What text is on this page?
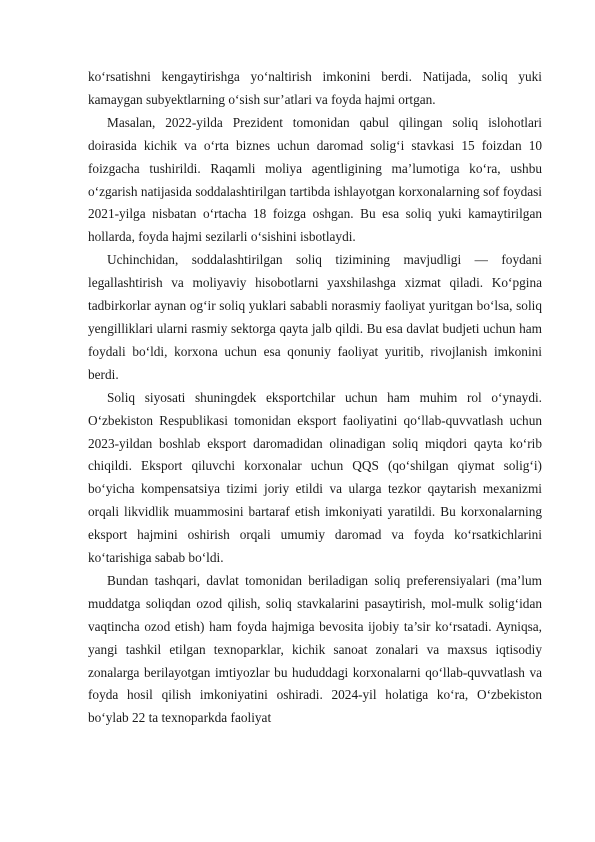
ko‘rsatishni kengaytirishga yo‘naltirish imkonini berdi. Natijada, soliq yuki kamaygan subyektlarning o‘sish sur’atlari va foyda hajmi ortgan.

Masalan, 2022-yilda Prezident tomonidan qabul qilingan soliq islohotlari doirasida kichik va o‘rta biznes uchun daromad solig‘i stavkasi 15 foizdan 10 foizgacha tushirildi. Raqamli moliya agentligining ma’lumotiga ko‘ra, ushbu o‘zgarish natijasida soddalashtirilgan tartibda ishlayotgan korxonalarning sof foydasi 2021-yilga nisbatan o‘rtacha 18 foizga oshgan. Bu esa soliq yuki kamaytirilgan hollarda, foyda hajmi sezilarli o‘sishini isbotlaydi.

Uchinchidan, soddalashtirilgan soliq tizimining mavjudligi — foydani legallashtirish va moliyaviy hisobotlarni yaxshilashga xizmat qiladi. Ko‘pgina tadbirkorlar aynan og‘ir soliq yuklari sababli norasmiy faoliyat yuritgan bo‘lsa, soliq yengilliklari ularni rasmiy sektorga qayta jalb qildi. Bu esa davlat budjeti uchun ham foydali bo‘ldi, korxona uchun esa qonuniy faoliyat yuritib, rivojlanish imkonini berdi.

Soliq siyosati shuningdek eksportchilar uchun ham muhim rol o‘ynaydi. O‘zbekiston Respublikasi tomonidan eksport faoliyatini qo‘llab-quvvatlash uchun 2023-yildan boshlab eksport daromadidan olinadigan soliq miqdori qayta ko‘rib chiqildi. Eksport qiluvchi korxonalar uchun QQS (qo‘shilgan qiymat solig‘i) bo‘yicha kompensatsiya tizimi joriy etildi va ularga tezkor qaytarish mexanizmi orqali likvidlik muammosini bartaraf etish imkoniyati yaratildi. Bu korxonalarning eksport hajmini oshirish orqali umumiy daromad va foyda ko‘rsatkichlarini ko‘tarishiga sabab bo‘ldi.

Bundan tashqari, davlat tomonidan beriladigan soliq preferensiyalari (ma’lum muddatga soliqdan ozod qilish, soliq stavkalarini pasaytirish, mol-mulk solig‘idan vaqtincha ozod etish) ham foyda hajmiga bevosita ijobiy ta’sir ko‘rsatadi. Ayniqsa, yangi tashkil etilgan texnoparklar, kichik sanoat zonalari va maxsus iqtisodiy zonalarga berilayotgan imtiyozlar bu hududdagi korxonalarni qo‘llab-quvvatlash va foyda hosil qilish imkoniyatini oshiradi. 2024-yil holatiga ko‘ra, O‘zbekiston bo‘ylab 22 ta texnoparkda faoliyat
